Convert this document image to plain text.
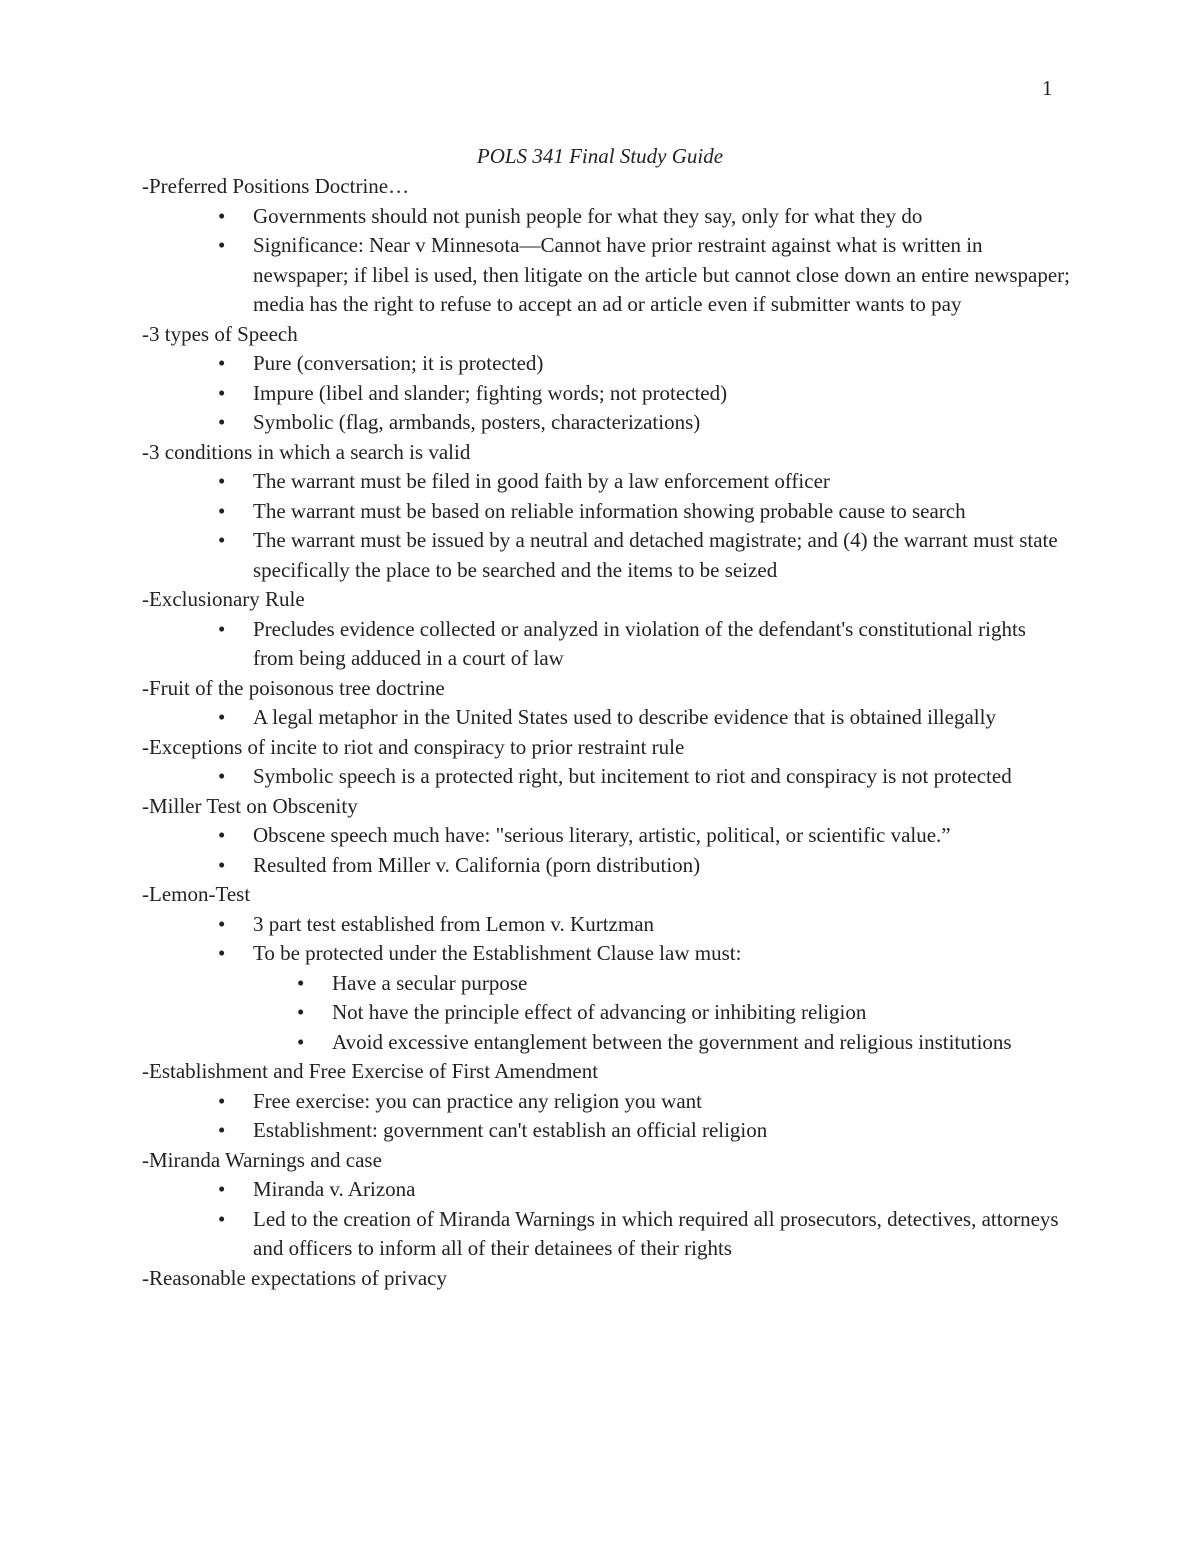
1

POLS 341 Final Study Guide

-Preferred Positions Doctrine…

• Governments should not punish people for what they say, only for what they do
• Significance: Near v Minnesota—Cannot have prior restraint against what is written in newspaper; if libel is used, then litigate on the article but cannot close down an entire newspaper; media has the right to refuse to accept an ad or article even if submitter wants to pay

-3 types of Speech

• Pure (conversation; it is protected)
• Impure (libel and slander; fighting words; not protected)
• Symbolic (flag, armbands, posters, characterizations)

-3 conditions in which a search is valid

• The warrant must be filed in good faith by a law enforcement officer
• The warrant must be based on reliable information showing probable cause to search
• The warrant must be issued by a neutral and detached magistrate; and (4) the warrant must state specifically the place to be searched and the items to be seized

-Exclusionary Rule

• Precludes evidence collected or analyzed in violation of the defendant's constitutional rights from being adduced in a court of law

-Fruit of the poisonous tree doctrine

• A legal metaphor in the United States used to describe evidence that is obtained illegally

-Exceptions of incite to riot and conspiracy to prior restraint rule

• Symbolic speech is a protected right, but incitement to riot and conspiracy is not protected

-Miller Test on Obscenity

• Obscene speech much have: "serious literary, artistic, political, or scientific value.”
• Resulted from Miller v. California (porn distribution)

-Lemon-Test

• 3 part test established from Lemon v. Kurtzman
• To be protected under the Establishment Clause law must:
• Have a secular purpose
• Not have the principle effect of advancing or inhibiting religion
• Avoid excessive entanglement between the government and religious institutions

-Establishment and Free Exercise of First Amendment

• Free exercise: you can practice any religion you want
• Establishment: government can't establish an official religion

-Miranda Warnings and case

• Miranda v. Arizona
• Led to the creation of Miranda Warnings in which required all prosecutors, detectives, attorneys and officers to inform all of their detainees of their rights

-Reasonable expectations of privacy
